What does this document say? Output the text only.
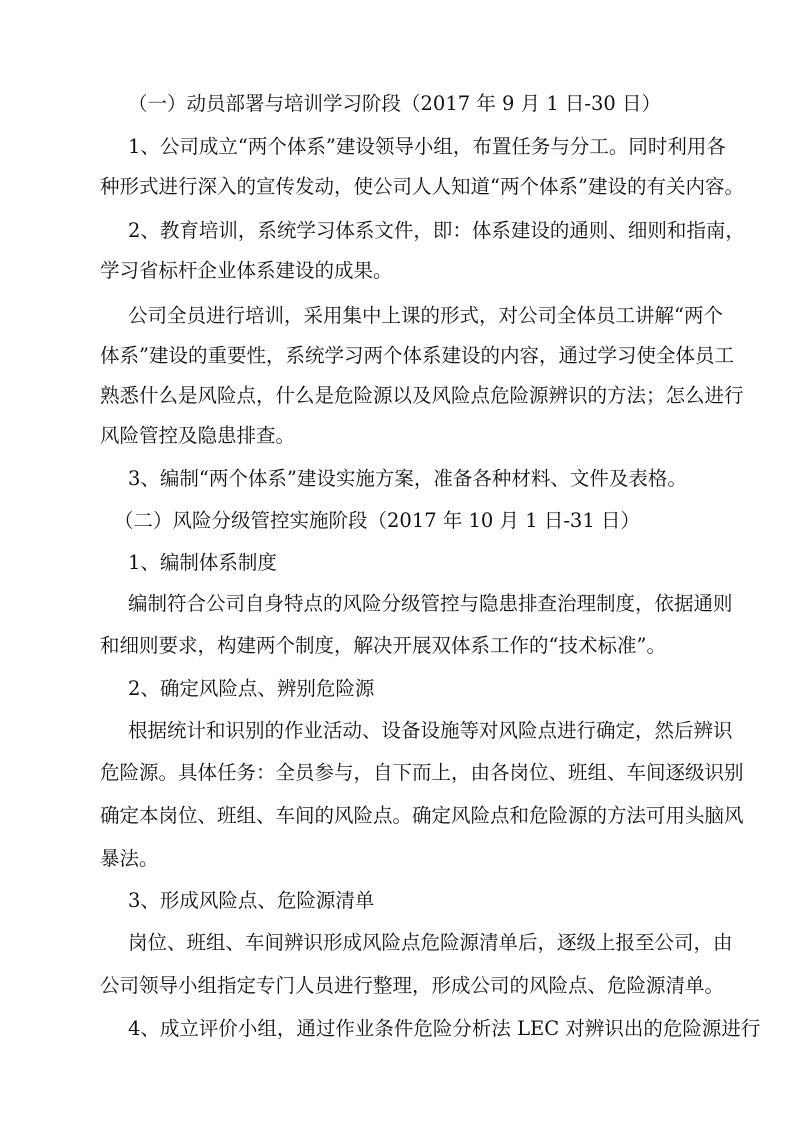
（一）动员部署与培训学习阶段（2017 年 9 月 1 日-30 日）
1、公司成立“两个体系”建设领导小组，布置任务与分工。同时利用各
种形式进行深入的宣传发动，使公司人人知道“两个体系”建设的有关内容。
2、教育培训，系统学习体系文件，即：体系建设的通则、细则和指南，
学习省标杆企业体系建设的成果。
公司全员进行培训，采用集中上课的形式，对公司全体员工讲解“两个
体系”建设的重要性，系统学习两个体系建设的内容，通过学习使全体员工
熟悉什么是风险点，什么是危险源以及风险点危险源辨识的方法；怎么进行
风险管控及隐患排查。
3、编制“两个体系”建设实施方案，准备各种材料、文件及表格。
（二）风险分级管控实施阶段（2017 年 10 月 1 日-31 日）
1、编制体系制度
编制符合公司自身特点的风险分级管控与隐患排查治理制度，依据通则
和细则要求，构建两个制度，解决开展双体系工作的“技术标准”。
2、确定风险点、辨别危险源
根据统计和识别的作业活动、设备设施等对风险点进行确定，然后辨识
危险源。具体任务：全员参与，自下而上，由各岗位、班组、车间逐级识别
确定本岗位、班组、车间的风险点。确定风险点和危险源的方法可用头脑风
暴法。
3、形成风险点、危险源清单
岗位、班组、车间辨识形成风险点危险源清单后，逐级上报至公司，由
公司领导小组指定专门人员进行整理，形成公司的风险点、危险源清单。
4、成立评价小组，通过作业条件危险分析法 LEC 对辨识出的危险源进行
